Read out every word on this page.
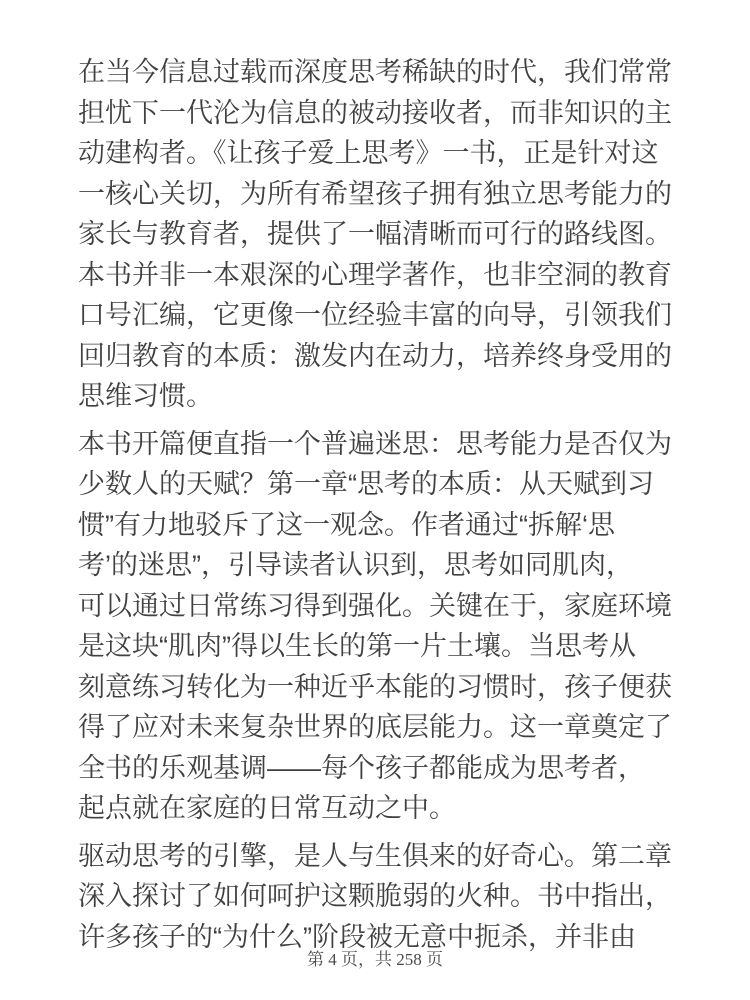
在当今信息过载而深度思考稀缺的时代，我们常常
担忧下一代沦为信息的被动接收者，而非知识的主
动建构者。《让孩子爱上思考》一书，正是针对这
一核心关切，为所有希望孩子拥有独立思考能力的
家长与教育者，提供了一幅清晰而可行的路线图。
本书并非一本艰深的心理学著作，也非空洞的教育
口号汇编，它更像一位经验丰富的向导，引领我们
回归教育的本质：激发内在动力，培养终身受用的
思维习惯。
本书开篇便直指一个普遍迷思：思考能力是否仅为
少数人的天赋？第一章“思考的本质：从天赋到习
惯”有力地驳斥了这一观念。作者通过“拆解‘思
考’的迷思”，引导读者认识到，思考如同肌肉，
可以通过日常练习得到强化。关键在于，家庭环境
是这块“肌肉”得以生长的第一片土壤。当思考从
刻意练习转化为一种近乎本能的习惯时，孩子便获
得了应对未来复杂世界的底层能力。这一章奠定了
全书的乐观基调——每个孩子都能成为思考者，
起点就在家庭的日常互动之中。
驱动思考的引擎，是人与生俱来的好奇心。第二章
深入探讨了如何呵护这颗脆弱的火种。书中指出，
许多孩子的“为什么”阶段被无意中扼杀，并非由
第 4 页，共 258 页
